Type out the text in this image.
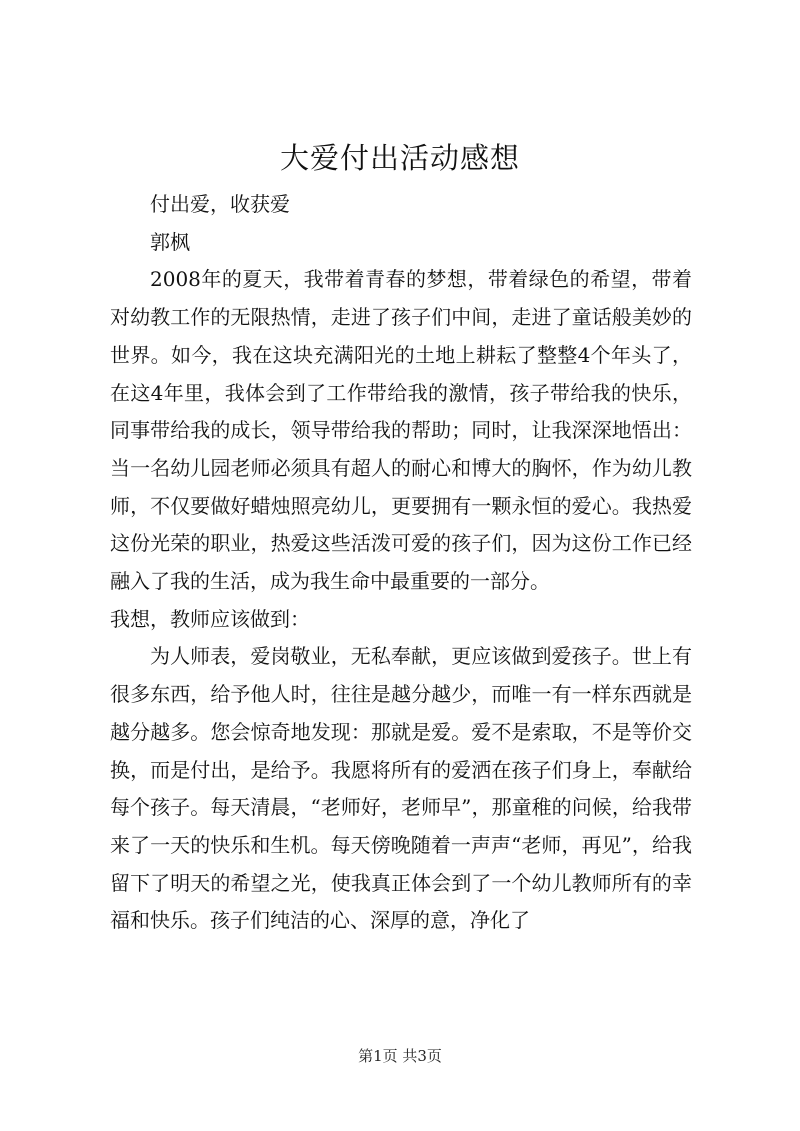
大爱付出活动感想

付出爱，收获爱

郭枫

2008年的夏天，我带着青春的梦想，带着绿色的希望，带着对幼教工作的无限热情，走进了孩子们中间，走进了童话般美妙的世界。如今，我在这块充满阳光的土地上耕耘了整整4个年头了，在这4年里，我体会到了工作带给我的激情，孩子带给我的快乐，同事带给我的成长，领导带给我的帮助；同时，让我深深地悟出：当一名幼儿园老师必须具有超人的耐心和博大的胸怀，作为幼儿教师，不仅要做好蜡烛照亮幼儿，更要拥有一颗永恒的爱心。我热爱这份光荣的职业，热爱这些活泼可爱的孩子们，因为这份工作已经融入了我的生活，成为我生命中最重要的一部分。

我想，教师应该做到：

为人师表，爱岗敬业，无私奉献，更应该做到爱孩子。世上有很多东西，给予他人时，往往是越分越少，而唯一有一样东西就是越分越多。您会惊奇地发现：那就是爱。爱不是索取，不是等价交换，而是付出，是给予。我愿将所有的爱洒在孩子们身上，奉献给每个孩子。每天清晨，“老师好，老师早”，那童稚的问候，给我带来了一天的快乐和生机。每天傍晚随着一声声“老师，再见”，给我留下了明天的希望之光，使我真正体会到了一个幼儿教师所有的幸福和快乐。孩子们纯洁的心、深厚的意，净化了

第1页 共3页
